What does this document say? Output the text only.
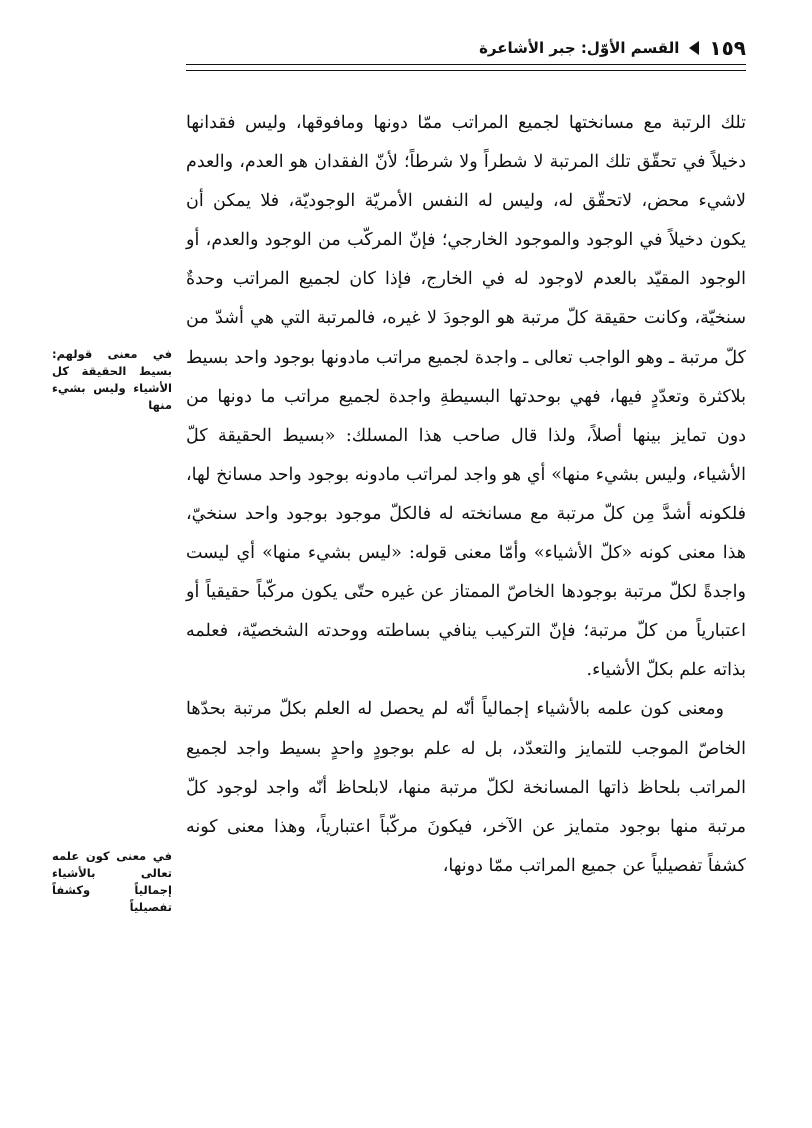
١٥٩
القسم الأوّل: جبر الأشاعرة

تلك الرتبة مع مسانختها لجميع المراتب ممّا دونها ومافوقها، وليس فقدانها دخيلاً في تحقّق تلك المرتبة لا شطراً ولا شرطاً؛ لأنّ الفقدان هو العدم، والعدم لاشيء محض، لاتحقّق له، وليس له النفس الأمريّة الوجوديّة، فلا يمكن أن يكون دخيلاً في الوجود والموجود الخارجي؛ فإنّ المركّب من الوجود والعدم، أو الوجود المقيّد بالعدم لاوجود له في الخارج، فإذا كان لجميع المراتب وحدةٌ سنخيّة، وكانت حقيقة كلّ مرتبة هو الوجودَ لا غيره، فالمرتبة التي هي أشدّ من كلّ مرتبة ـ وهو الواجب تعالى ـ واجدة لجميع مراتب مادونها بوجود واحد بسيط بلاكثرة وتعدّدٍ فيها، فهي بوحدتها البسيطةِ واجدة لجميع مراتب ما دونها من دون تمايز بينها أصلاً، ولذا قال صاحب هذا المسلك: «بسيط الحقيقة كلّ الأشياء، وليس بشيء منها» أي هو واجد لمراتب مادونه بوجود واحد مسانخ لها، فلكونه أشدَّ مِن كلّ مرتبة مع مسانخته له فالكلّ موجود بوجود واحد سنخيّ، هذا معنى كونه «كلّ الأشياء» وأمّا معنى قوله: «ليس بشيء منها» أي ليست واجدةً لكلّ مرتبة بوجودها الخاصّ الممتاز عن غيره حتّى يكون مركّباً حقيقياً أو اعتبارياً من كلّ مرتبة؛ فإنّ التركيب ينافي بساطته ووحدته الشخصيّة، فعلمه بذاته علم بكلّ الأشياء.

ومعنى كون علمه بالأشياء إجمالياً أنّه لم يحصل له العلم بكلّ مرتبة بحدّها الخاصّ الموجب للتمايز والتعدّد، بل له علم بوجودٍ واحدٍ بسيط واجد لجميع المراتب بلحاظ ذاتها المسانخة لكلّ مرتبة منها، لابلحاظ أنّه واجد لوجود كلّ مرتبة منها بوجود متمايز عن الآخر، فيكونَ مركّباً اعتبارياً، وهذا معنى كونه كشفاً تفصيلياً عن جميع المراتب ممّا دونها،

في معنى قولهم: بسيط الحقيقة كل الأشياء وليس بشيء منها
في معنى كون علمه تعالى بالأشياء إجمالياً وكشفاً تفصيلياً
